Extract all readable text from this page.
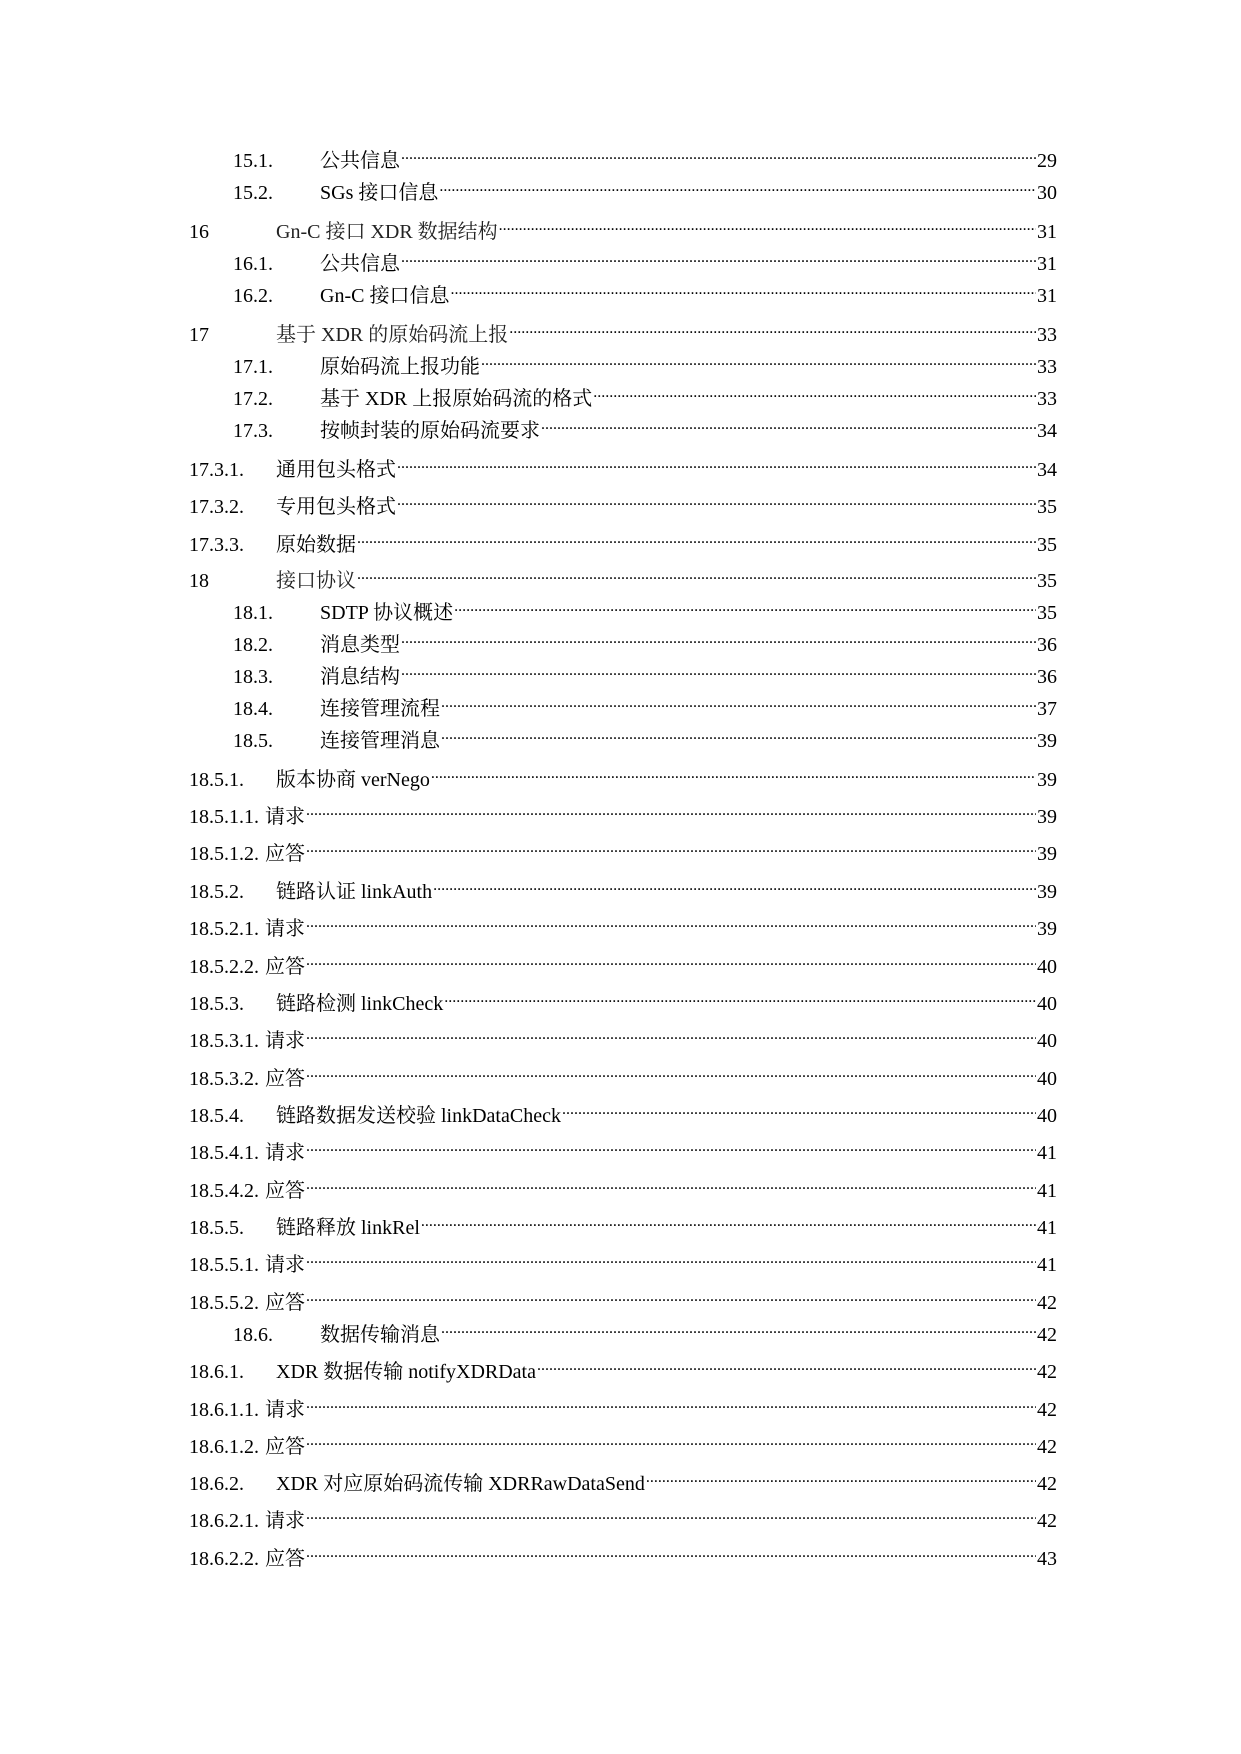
15.1.	公共信息 .....	29
15.2.	SGs 接口信息 .....	30
16	Gn-C 接口 XDR 数据结构 .....	31
16.1.	公共信息 .....	31
16.2.	Gn-C 接口信息 .....	31
17	基于 XDR 的原始码流上报 .....	33
17.1.	原始码流上报功能 .....	33
17.2.	基于 XDR 上报原始码流的格式 .....	33
17.3.	按帧封装的原始码流要求 .....	34
17.3.1.	通用包头格式 .....	34
17.3.2.	专用包头格式 .....	35
17.3.3.	原始数据 .....	35
18	接口协议 .....	35
18.1.	SDTP 协议概述 .....	35
18.2.	消息类型 .....	36
18.3.	消息结构 .....	36
18.4.	连接管理流程 .....	37
18.5.	连接管理消息 .....	39
18.5.1.	版本协商 verNego .....	39
18.5.1.1. 请求 .....	39
18.5.1.2. 应答 .....	39
18.5.2.	链路认证 linkAuth .....	39
18.5.2.1. 请求 .....	39
18.5.2.2. 应答 .....	40
18.5.3.	链路检测 linkCheck .....	40
18.5.3.1. 请求 .....	40
18.5.3.2. 应答 .....	40
18.5.4.	链路数据发送校验 linkDataCheck .....	40
18.5.4.1. 请求 .....	41
18.5.4.2. 应答 .....	41
18.5.5.	链路释放 linkRel .....	41
18.5.5.1. 请求 .....	41
18.5.5.2. 应答 .....	42
18.6.	数据传输消息 .....	42
18.6.1.	XDR 数据传输 notifyXDRData .....	42
18.6.1.1. 请求 .....	42
18.6.1.2. 应答 .....	42
18.6.2.	XDR 对应原始码流传输 XDRRawDataSend .....	42
18.6.2.1. 请求 .....	42
18.6.2.2. 应答 .....	43
